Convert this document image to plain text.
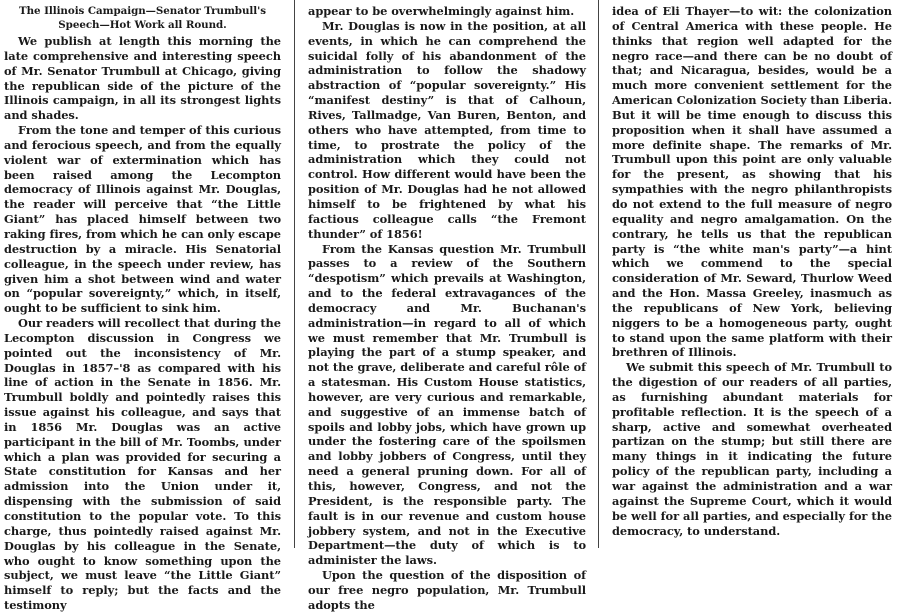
The Illinois Campaign—Senator Trumbull's Speech—Hot Work all Round.

We publish at length this morning the late comprehensive and interesting speech of Mr. Senator Trumbull at Chicago, giving the republican side of the picture of the Illinois campaign, in all its strongest lights and shades.

From the tone and temper of this curious and ferocious speech, and from the equally violent war of extermination which has been raised among the Lecompton democracy of Illinois against Mr. Douglas, the reader will perceive that “the Little Giant” has placed himself between two raking fires, from which he can only escape destruction by a miracle. His Senatorial colleague, in the speech under review, has given him a shot between wind and water on “popular sovereignty,” which, in itself, ought to be sufficient to sink him.

Our readers will recollect that during the Lecompton discussion in Congress we pointed out the inconsistency of Mr. Douglas in 1857–'8 as compared with his line of action in the Senate in 1856. Mr. Trumbull boldly and pointedly raises this issue against his colleague, and says that in 1856 Mr. Douglas was an active participant in the bill of Mr. Toombs, under which a plan was provided for securing a State constitution for Kansas and her admission into the Union under it, dispensing with the submission of said constitution to the popular vote. To this charge, thus pointedly raised against Mr. Douglas by his colleague in the Senate, who ought to know something upon the subject, we must leave “the Little Giant” himself to reply; but the facts and the testimony

appear to be overwhelmingly against him.

Mr. Douglas is now in the position, at all events, in which he can comprehend the suicidal folly of his abandonment of the administration to follow the shadowy abstraction of “popular sovereignty.” His “manifest destiny” is that of Calhoun, Rives, Tallmadge, Van Buren, Benton, and others who have attempted, from time to time, to prostrate the policy of the administration which they could not control. How different would have been the position of Mr. Douglas had he not allowed himself to be frightened by what his factious colleague calls “the Fremont thunder” of 1856!

From the Kansas question Mr. Trumbull passes to a review of the Southern “despotism” which prevails at Washington, and to the federal extravagances of the democracy and Mr. Buchanan's administration—in regard to all of which we must remember that Mr. Trumbull is playing the part of a stump speaker, and not the grave, deliberate and careful rôle of a statesman. His Custom House statistics, however, are very curious and remarkable, and suggestive of an immense batch of spoils and lobby jobs, which have grown up under the fostering care of the spoilsmen and lobby jobbers of Congress, until they need a general pruning down. For all of this, however, Congress, and not the President, is the responsible party. The fault is in our revenue and custom house jobbery system, and not in the Executive Department—the duty of which is to administer the laws.

Upon the question of the disposition of our free negro population, Mr. Trumbull adopts the

idea of Eli Thayer—to wit: the colonization of Central America with these people. He thinks that region well adapted for the negro race—and there can be no doubt of that; and Nicaragua, besides, would be a much more convenient settlement for the American Colonization Society than Liberia. But it will be time enough to discuss this proposition when it shall have assumed a more definite shape. The remarks of Mr. Trumbull upon this point are only valuable for the present, as showing that his sympathies with the negro philanthropists do not extend to the full measure of negro equality and negro amalgamation. On the contrary, he tells us that the republican party is “the white man's party”—a hint which we commend to the special consideration of Mr. Seward, Thurlow Weed and the Hon. Massa Greeley, inasmuch as the republicans of New York, believing niggers to be a homogeneous party, ought to stand upon the same platform with their brethren of Illinois.

We submit this speech of Mr. Trumbull to the digestion of our readers of all parties, as furnishing abundant materials for profitable reflection. It is the speech of a sharp, active and somewhat overheated partizan on the stump; but still there are many things in it indicating the future policy of the republican party, including a war against the administration and a war against the Supreme Court, which it would be well for all parties, and especially for the democracy, to understand.
